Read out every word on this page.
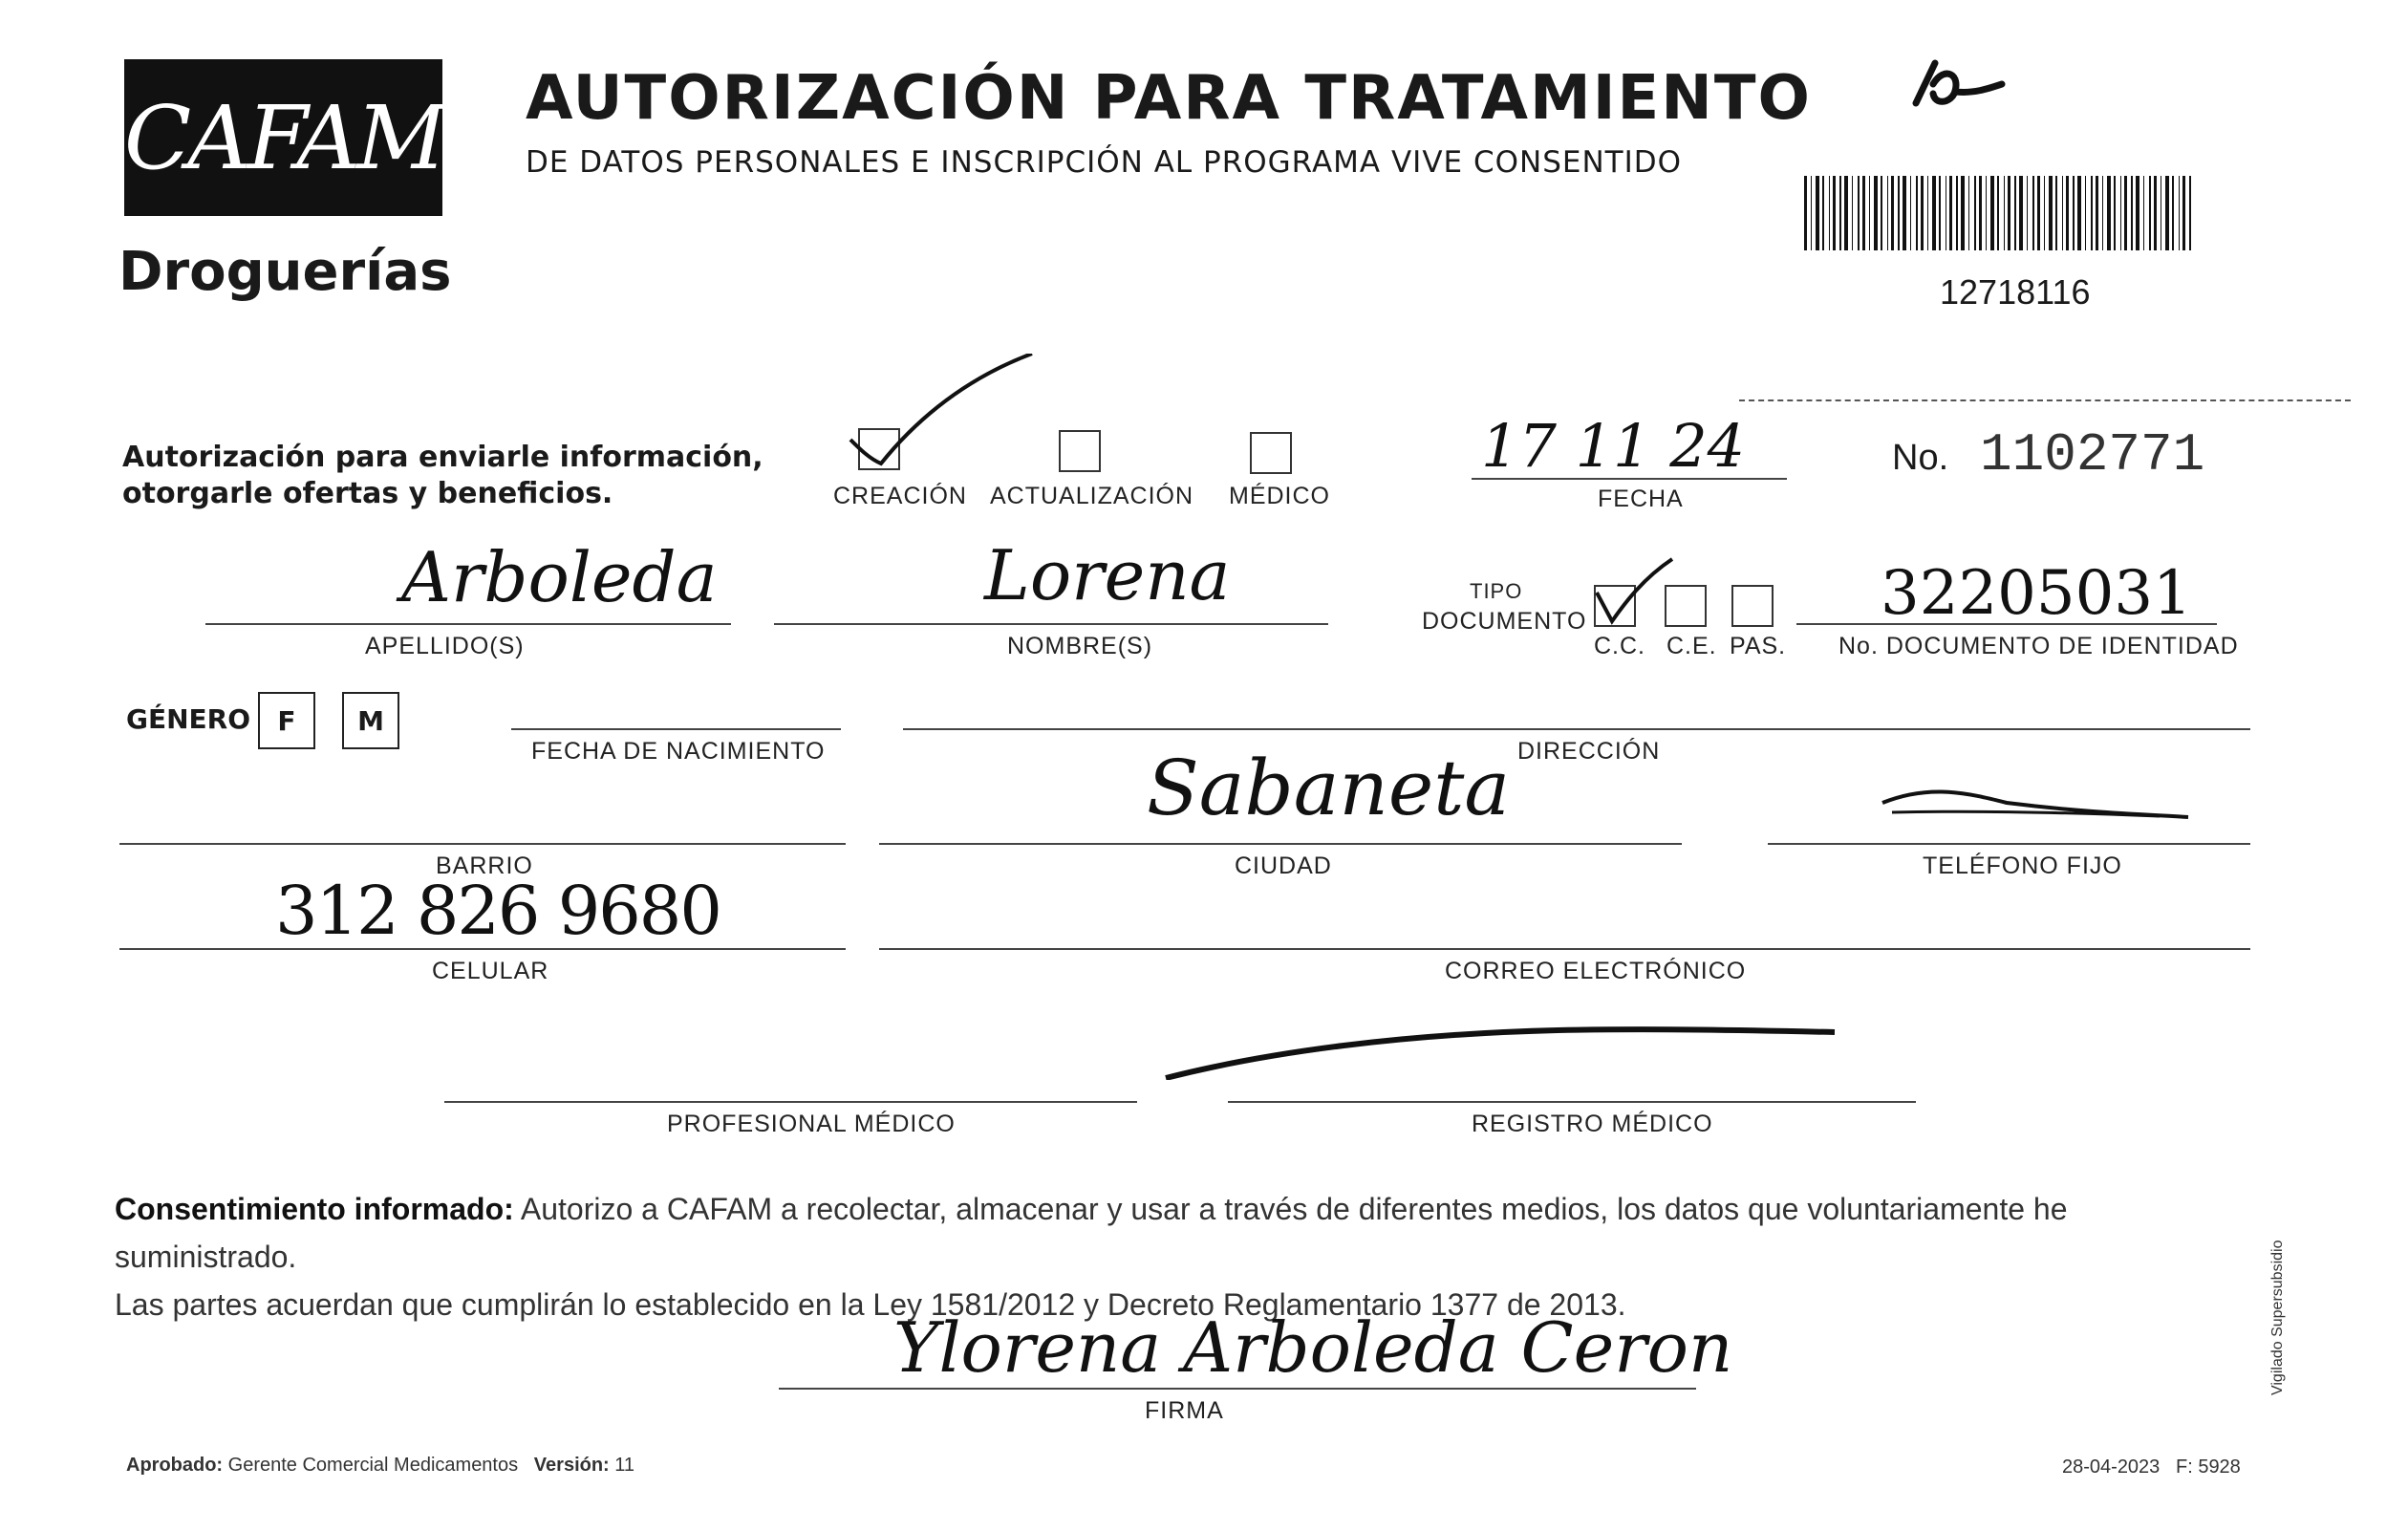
CAFAM
Droguerías
AUTORIZACIÓN PARA TRATAMIENTO
DE DATOS PERSONALES E INSCRIPCIÓN AL PROGRAMA VIVE CONSENTIDO
12718116
Autorización para enviarle información,
otorgarle ofertas y beneficios.	CREACIÓN ACTUALIZACIÓN MÉDICO
17 11 24
FECHA
No. 1102771
Arboleda
APELLIDO(S)
Lorena
NOMBRE(S)
TIPO
DOCUMENTO
C.C. C.E. PAS.
32205031
No. DOCUMENTO DE IDENTIDAD
GÉNERO	F	M
FECHA DE NACIMIENTO	DIRECCIÓN
BARRIO
Sabaneta
CIUDAD	TELÉFONO FIJO
312 826 9680
CELULAR	CORREO ELECTRÓNICO
PROFESIONAL MÉDICO	REGISTRO MÉDICO
Consentimiento informado: Autorizo a CAFAM a recolectar, almacenar y usar a través de diferentes medios, los datos que voluntariamente he suministrado.
Las partes acuerdan que cumplirán lo establecido en la Ley 1581/2012 y Decreto Reglamentario 1377 de 2013.
Ylorena Arboleda Ceron
FIRMA
Vigilado Supersubsidio
Aprobado: Gerente Comercial Medicamentos Versión: 11	28-04-2023 F: 5928
